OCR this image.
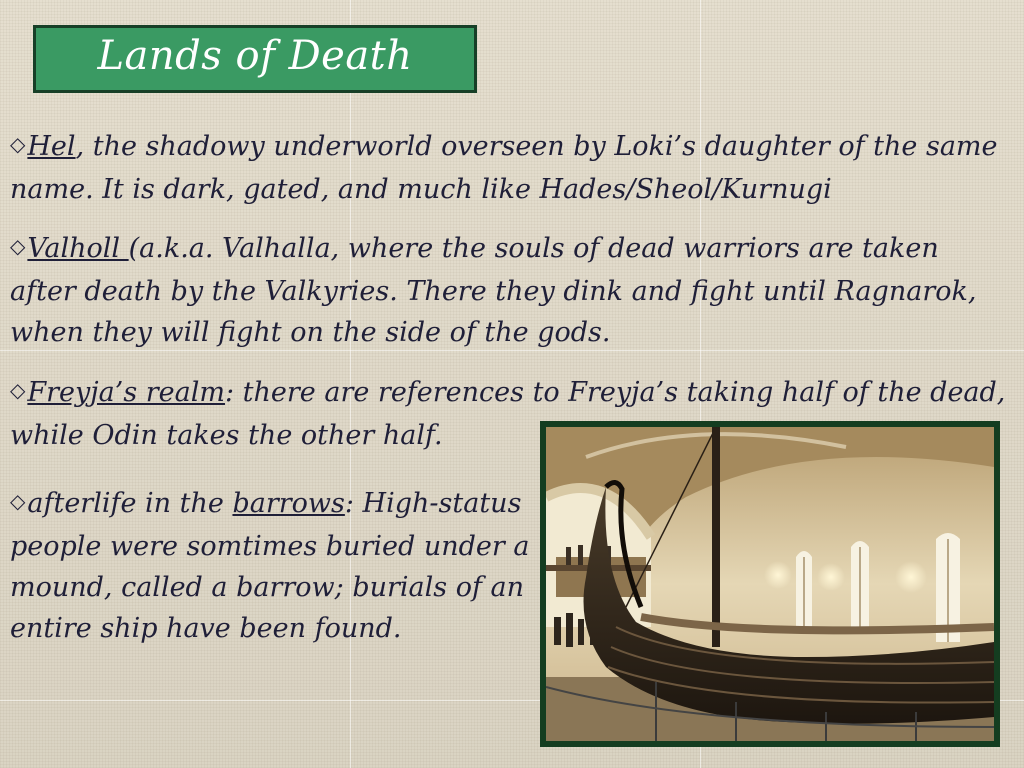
Lands of Death
◇Hel, the shadowy underworld overseen by Loki’s daughter of the same name. It is dark, gated, and much like Hades/Sheol/Kurnugi
◇Valholl (a.k.a. Valhalla, where the souls of dead warriors are taken after death by the Valkyries. There they dink and fight until Ragnarok, when they will fight on the side of the gods.
◇Freyja’s realm: there are references to Freyja’s taking half of the dead, while Odin takes the other half.
◇afterlife in the barrows: High-status people were somtimes buried under a mound, called a barrow; burials of an entire ship have been found.
